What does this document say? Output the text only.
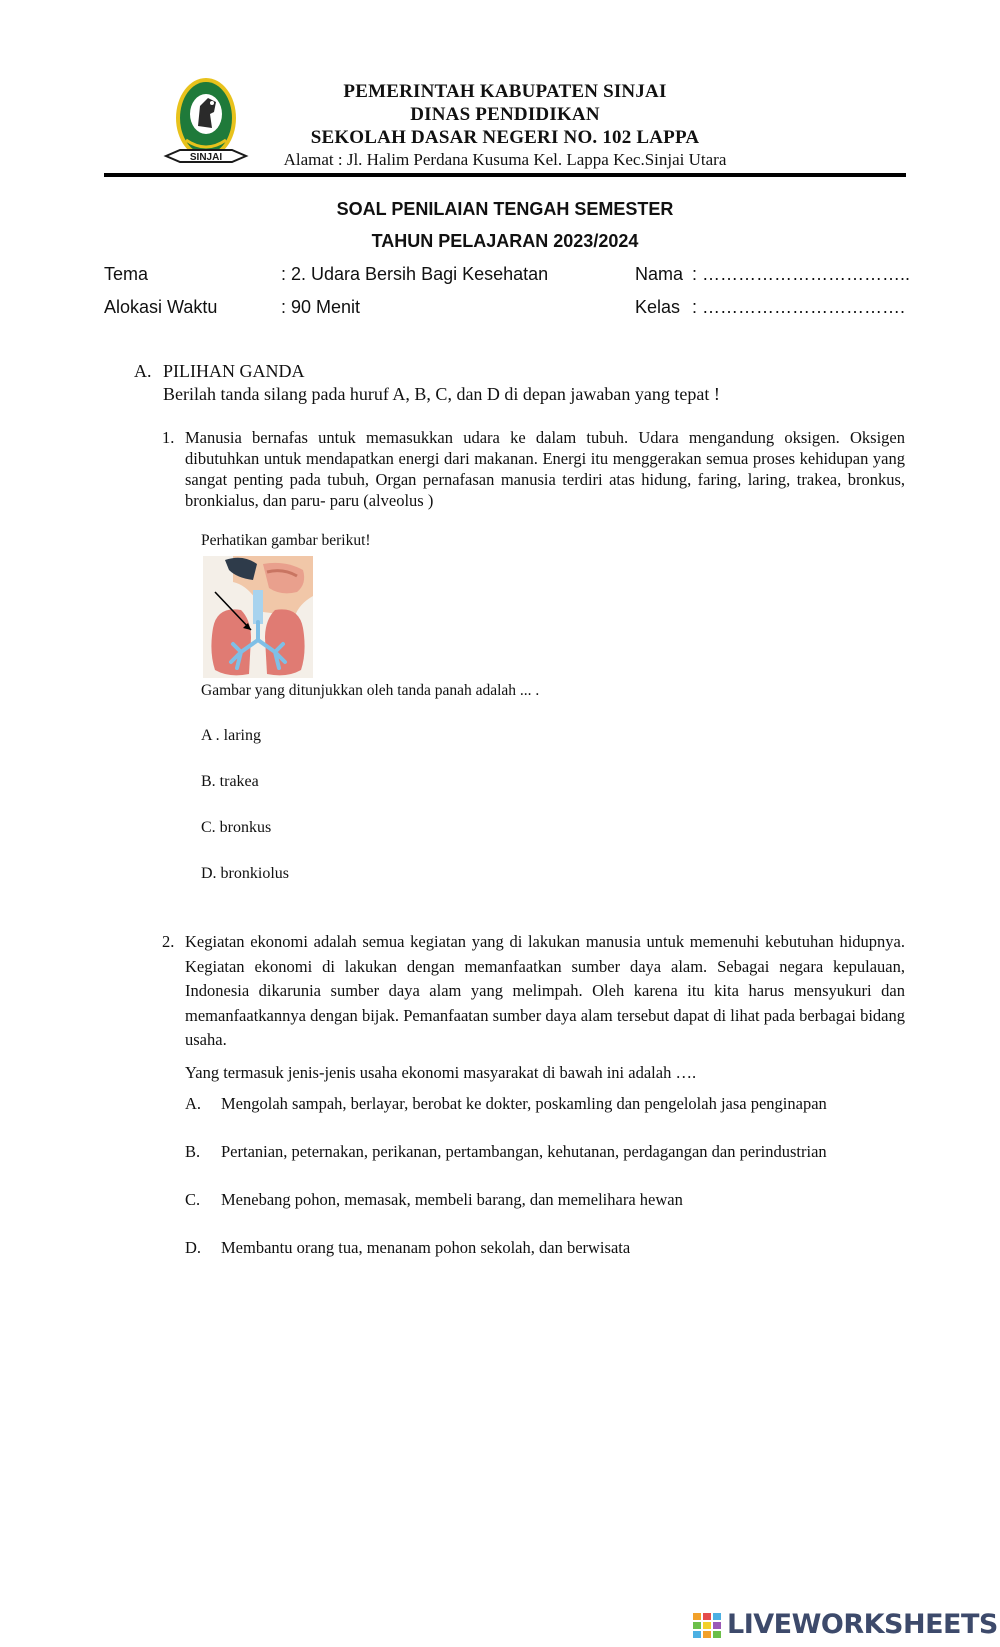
SINJAI
PEMERINTAH KABUPATEN SINJAI
DINAS PENDIDIKAN
SEKOLAH DASAR NEGERI NO. 102 LAPPA
Alamat : Jl. Halim Perdana Kusuma Kel. Lappa Kec.Sinjai Utara
SOAL PENILAIAN TENGAH SEMESTER
TAHUN PELAJARAN 2023/2024
Tema	: 2. Udara Bersih Bagi Kesehatan	Nama : ……………………………..
Alokasi Waktu	: 90 Menit	Kelas : …………………………….
A. PILIHAN GANDA
Berilah tanda silang pada huruf A, B, C, dan D di depan jawaban yang tepat !
1. Manusia bernafas untuk memasukkan udara ke dalam tubuh. Udara mengandung oksigen. Oksigen dibutuhkan untuk mendapatkan energi dari makanan. Energi itu menggerakan semua proses kehidupan yang sangat penting pada tubuh, Organ pernafasan manusia terdiri atas hidung, faring, laring, trakea, bronkus, bronkialus, dan paru- paru (alveolus )
Perhatikan gambar berikut!
Gambar yang ditunjukkan oleh tanda panah adalah ... .
A . laring
B. trakea
C. bronkus
D. bronkiolus
2. Kegiatan ekonomi adalah semua kegiatan yang di lakukan manusia untuk memenuhi kebutuhan hidupnya. Kegiatan ekonomi di lakukan dengan memanfaatkan sumber daya alam. Sebagai negara kepulauan, Indonesia dikarunia sumber daya alam yang melimpah. Oleh karena itu kita harus mensyukuri dan memanfaatkannya dengan bijak. Pemanfaatan sumber daya alam tersebut dapat di lihat pada berbagai bidang usaha.
Yang termasuk jenis-jenis usaha ekonomi masyarakat di bawah ini adalah ….
A. Mengolah sampah, berlayar, berobat ke dokter, poskamling dan pengelolah jasa penginapan
B. Pertanian, peternakan, perikanan, pertambangan, kehutanan, perdagangan dan perindustrian
C. Menebang pohon, memasak, membeli barang, dan memelihara hewan
D. Membantu orang tua, menanam pohon sekolah, dan berwisata
LIVEWORKSHEETS
